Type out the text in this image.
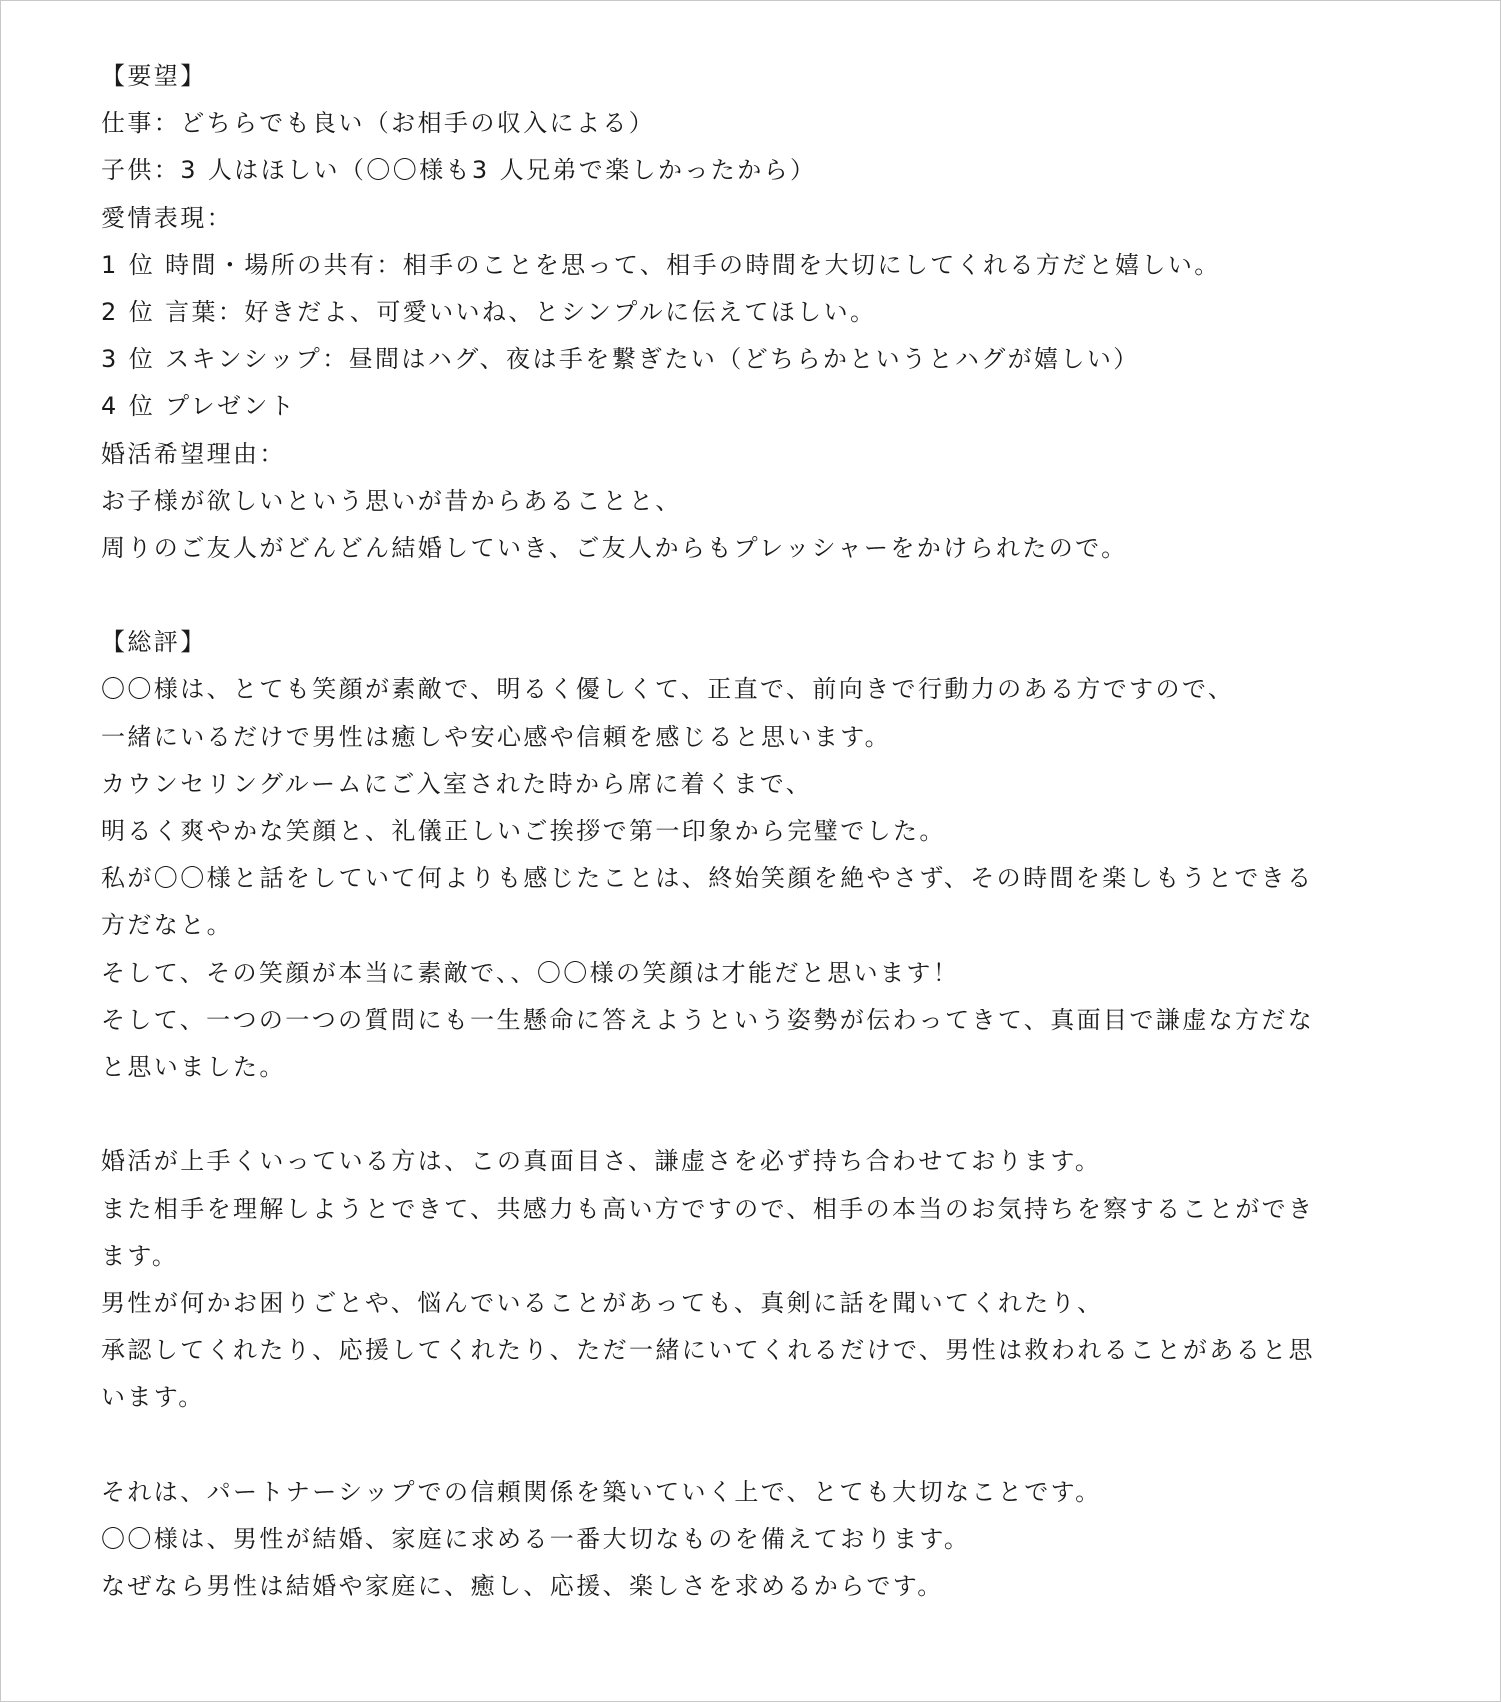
【要望】
仕事：どちらでも良い（お相手の収入による）
子供：3 人はほしい（〇〇様も3 人兄弟で楽しかったから）
愛情表現：
1 位 時間・場所の共有：相手のことを思って、相手の時間を大切にしてくれる方だと嬉しい。
2 位 言葉：好きだよ、可愛いいね、とシンプルに伝えてほしい。
3 位 スキンシップ：昼間はハグ、夜は手を繋ぎたい（どちらかというとハグが嬉しい）
4 位 プレゼント
婚活希望理由：
お子様が欲しいという思いが昔からあることと、
周りのご友人がどんどん結婚していき、ご友人からもプレッシャーをかけられたので。
【総評】
〇〇様は、とても笑顔が素敵で、明るく優しくて、正直で、前向きで行動力のある方ですので、
一緒にいるだけで男性は癒しや安心感や信頼を感じると思います。
カウンセリングルームにご入室された時から席に着くまで、
明るく爽やかな笑顔と、礼儀正しいご挨拶で第一印象から完璧でした。
私が〇〇様と話をしていて何よりも感じたことは、終始笑顔を絶やさず、その時間を楽しもうとできる
方だなと。
そして、その笑顔が本当に素敵で、、〇〇様の笑顔は才能だと思います！
そして、一つの一つの質問にも一生懸命に答えようという姿勢が伝わってきて、真面目で謙虚な方だな
と思いました。
婚活が上手くいっている方は、この真面目さ、謙虚さを必ず持ち合わせております。
また相手を理解しようとできて、共感力も高い方ですので、相手の本当のお気持ちを察することができ
ます。
男性が何かお困りごとや、悩んでいることがあっても、真剣に話を聞いてくれたり、
承認してくれたり、応援してくれたり、ただ一緒にいてくれるだけで、男性は救われることがあると思
います。
それは、パートナーシップでの信頼関係を築いていく上で、とても大切なことです。
〇〇様は、男性が結婚、家庭に求める一番大切なものを備えております。
なぜなら男性は結婚や家庭に、癒し、応援、楽しさを求めるからです。
